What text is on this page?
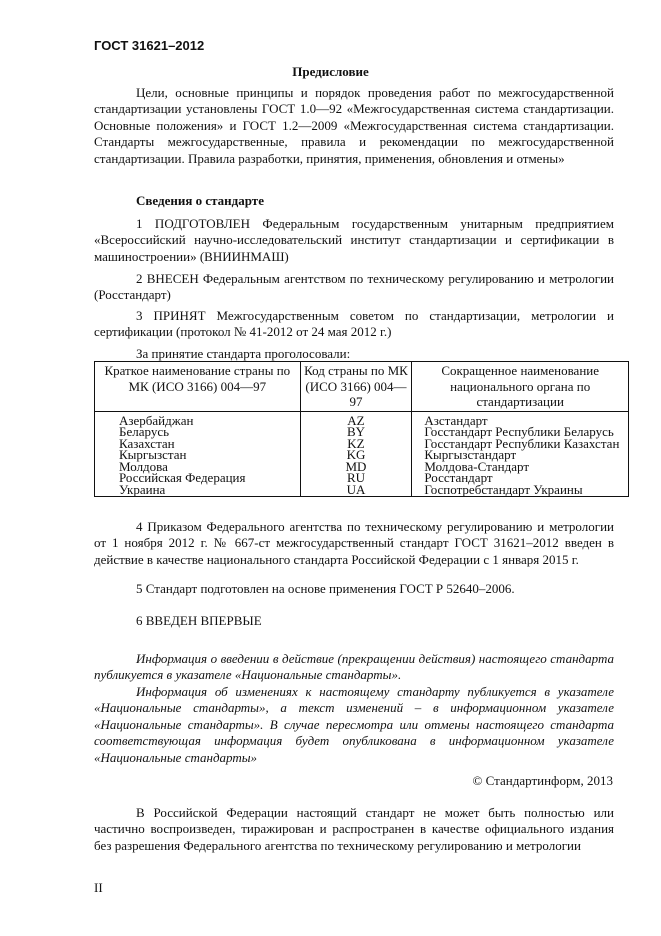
ГОСТ 31621–2012
Предисловие
Цели, основные принципы и порядок проведения работ по межгосударственной стандартизации установлены ГОСТ 1.0—92 «Межгосударственная система стандартизации. Основные положения» и ГОСТ 1.2—2009 «Межгосударственная система стандартизации. Стандарты межгосударственные, правила и рекомендации по межгосударственной стандартизации. Правила разработки, принятия, применения, обновления и отмены»
Сведения о стандарте
1 ПОДГОТОВЛЕН Федеральным государственным унитарным предприятием «Всероссийский научно-исследовательский институт стандартизации и сертификации в машиностроении» (ВНИИНМАШ)
2 ВНЕСЕН Федеральным агентством по техническому регулированию и метрологии (Росстандарт)
3 ПРИНЯТ Межгосударственным советом по стандартизации, метрологии и сертификации (протокол № 41-2012 от 24 мая 2012 г.)
За принятие стандарта проголосовали:
Краткое наименование страны по МК (ИСО 3166) 004—97	Код страны по МК (ИСО 3166) 004—97	Сокращенное наименование национального органа по стандартизации
Азербайджан	AZ	Азстандарт
Беларусь	BY	Госстандарт Республики Беларусь
Казахстан	KZ	Госстандарт Республики Казахстан
Кыргызстан	KG	Кыргызстандарт
Молдова	MD	Молдова-Стандарт
Российская Федерация	RU	Росстандарт
Украина	UA	Госпотребстандарт Украины
4 Приказом Федерального агентства по техническому регулированию и метрологии от 1 ноября 2012 г. № 667-ст межгосударственный стандарт ГОСТ 31621–2012 введен в действие в качестве национального стандарта Российской Федерации с 1 января 2015 г.
5 Стандарт подготовлен на основе применения ГОСТ Р 52640–2006.
6 ВВЕДЕН ВПЕРВЫЕ
Информация о введении в действие (прекращении действия) настоящего стандарта публикуется в указателе «Национальные стандарты».
Информация об изменениях к настоящему стандарту публикуется в указателе «Национальные стандарты», а текст изменений – в информационном указателе «Национальные стандарты». В случае пересмотра или отмены настоящего стандарта соответствующая информация будет опубликована в информационном указателе «Национальные стандарты»
© Стандартинформ, 2013
В Российской Федерации настоящий стандарт не может быть полностью или частично воспроизведен, тиражирован и распространен в качестве официального издания без разрешения Федерального агентства по техническому регулированию и метрологии
II
